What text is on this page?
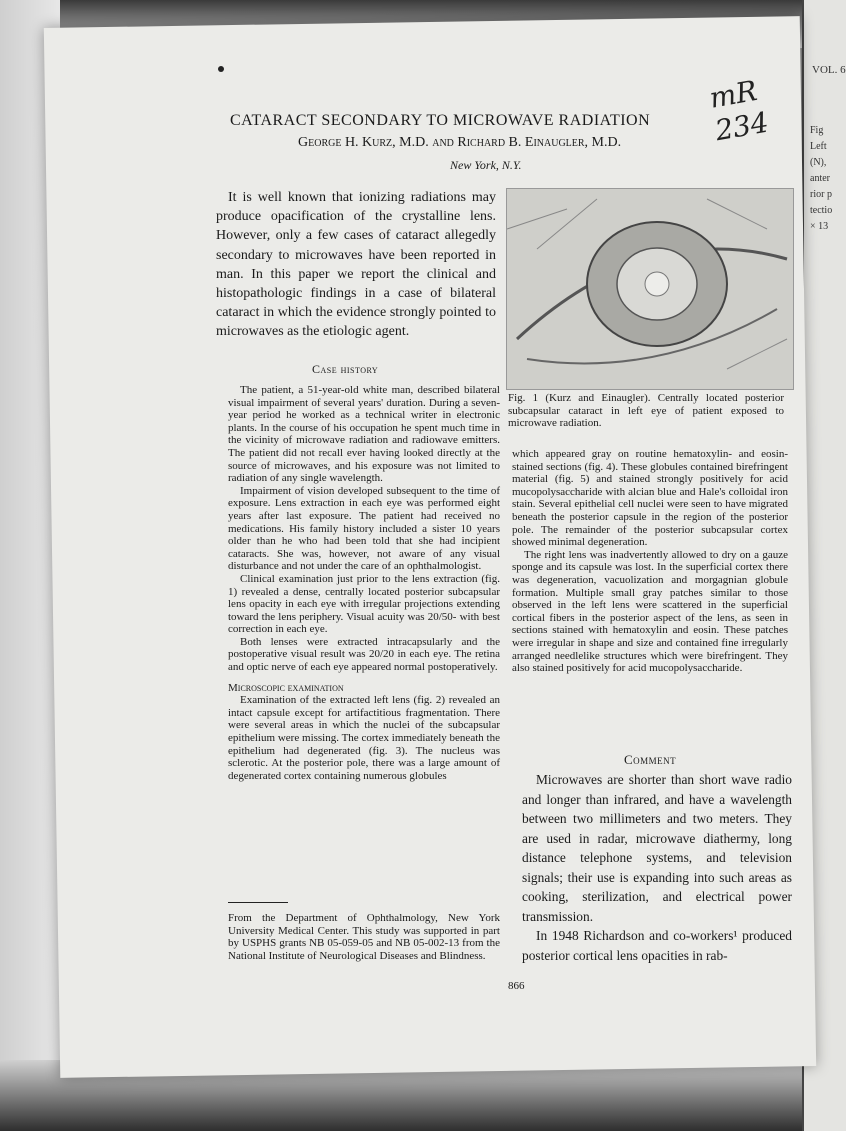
VOL. 6
Fig
Left
(N),
anter
rior p
tectio
× 13
mR 234
CATARACT SECONDARY TO MICROWAVE RADIATION
George H. Kurz, M.D. and Richard B. Einaugler, M.D.
New York, N.Y.

It is well known that ionizing radiations may produce opacification of the crystalline lens. However, only a few cases of cataract allegedly secondary to microwaves have been reported in man. In this paper we report the clinical and histopathologic findings in a case of bilateral cataract in which the evidence strongly pointed to microwaves as the etiologic agent.

Fig. 1 (Kurz and Einaugler). Centrally located posterior subcapsular cataract in left eye of patient exposed to microwave radiation.
Case history

The patient, a 51-year-old white man, described bilateral visual impairment of several years' duration. During a seven-year period he worked as a technical writer in electronic plants. In the course of his occupation he spent much time in the vicinity of microwave radiation and radiowave emitters. The patient did not recall ever having looked directly at the source of microwaves, and his exposure was not limited to radiation of any single wavelength.

Impairment of vision developed subsequent to the time of exposure. Lens extraction in each eye was performed eight years after last exposure. The patient had received no medications. His family history included a sister 10 years older than he who had been told that she had incipient cataracts. She was, however, not aware of any visual disturbance and not under the care of an ophthalmologist.

Clinical examination just prior to the lens extraction (fig. 1) revealed a dense, centrally located posterior subcapsular lens opacity in each eye with irregular projections extending toward the lens periphery. Visual acuity was 20/50- with best correction in each eye.

Both lenses were extracted intracapsularly and the postoperative visual result was 20/20 in each eye. The retina and optic nerve of each eye appeared normal postoperatively.

Microscopic examination

Examination of the extracted left lens (fig. 2) revealed an intact capsule except for artifactitious fragmentation. There were several areas in which the nuclei of the subcapsular epithelium were missing. The cortex immediately beneath the epithelium had degenerated (fig. 3). The nucleus was sclerotic. At the posterior pole, there was a large amount of degenerated cortex containing numerous globules

From the Department of Ophthalmology, New York University Medical Center. This study was supported in part by USPHS grants NB 05-059-05 and NB 05-002-13 from the National Institute of Neurological Diseases and Blindness.

which appeared gray on routine hematoxylin- and eosin-stained sections (fig. 4). These globules contained birefringent material (fig. 5) and stained strongly positively for acid mucopolysaccharide with alcian blue and Hale's colloidal iron stain. Several epithelial cell nuclei were seen to have migrated beneath the posterior capsule in the region of the posterior pole. The remainder of the posterior subcapsular cortex showed minimal degeneration.

The right lens was inadvertently allowed to dry on a gauze sponge and its capsule was lost. In the superficial cortex there was degeneration, vacuolization and morgagnian globule formation. Multiple small gray patches similar to those observed in the left lens were scattered in the superficial cortical fibers in the posterior aspect of the lens, as seen in sections stained with hematoxylin and eosin. These patches were irregular in shape and size and contained fine irregularly arranged needlelike structures which were birefringent. They also stained positively for acid mucopolysaccharide.

Comment

Microwaves are shorter than short wave radio and longer than infrared, and have a wavelength between two millimeters and two meters. They are used in radar, microwave diathermy, long distance telephone systems, and television signals; their use is expanding into such areas as cooking, sterilization, and electrical power transmission.

In 1948 Richardson and co-workers¹ produced posterior cortical lens opacities in rab-

866
